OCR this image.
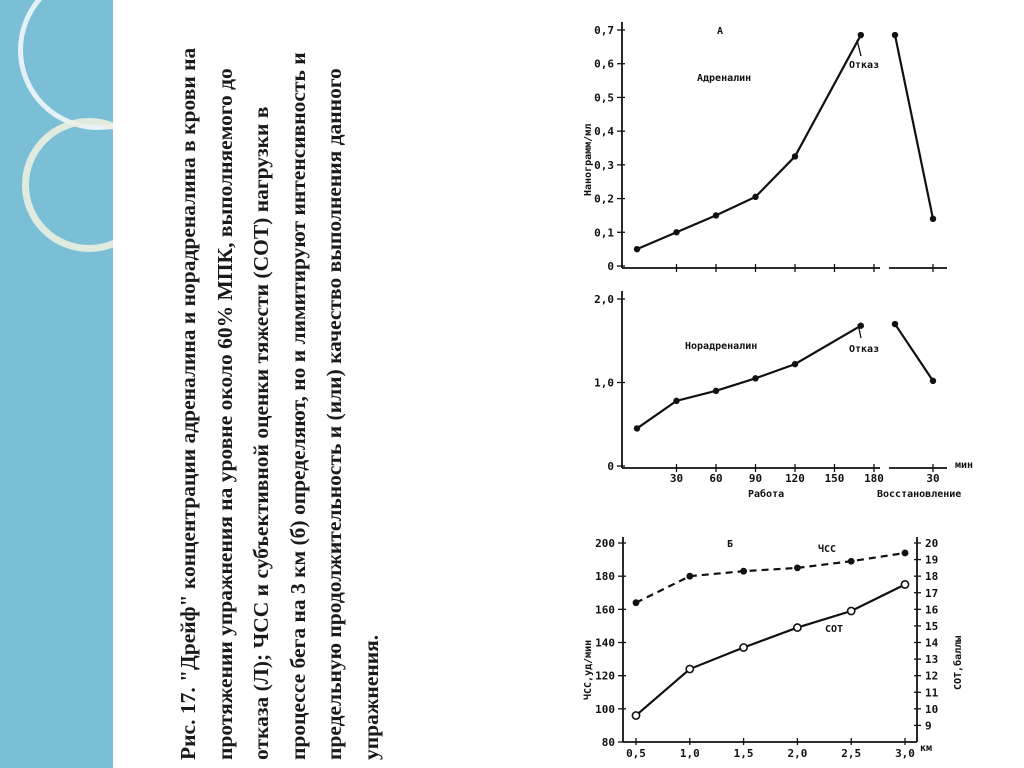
Рис. 17. "Дрейф" концентрации адреналина и норадреналина в крови на протяжении упражнения на уровне около 60% МПК, выполняемого до отказа (Л); ЧСС и субъективной оценки тяжести (СОТ) нагрузки в процессе бега на 3 км (б) определяют, но и лимитируют интенсивность и предельную продолжительность и (или) качество выполнения данного упражнения.

0
0,1
0,2
0,3
0,4
0,5
0,6
0,7	А
Адреналин
Отказ
Нанограмм/мл
0
1,0
2,0
Норадреналин	Отказ
30 60 90 120 150 180	30
мин
Работа	Восстановление
80
100
120
140
160
180
200
9
10
11
12
13
14
15
16
17
18
19
20
0,5	1,0	1,5	2,0	2,5	3,0 км
Б
ЧСС,уд/мин	СОТ,баллы
ЧСС
СОТ
